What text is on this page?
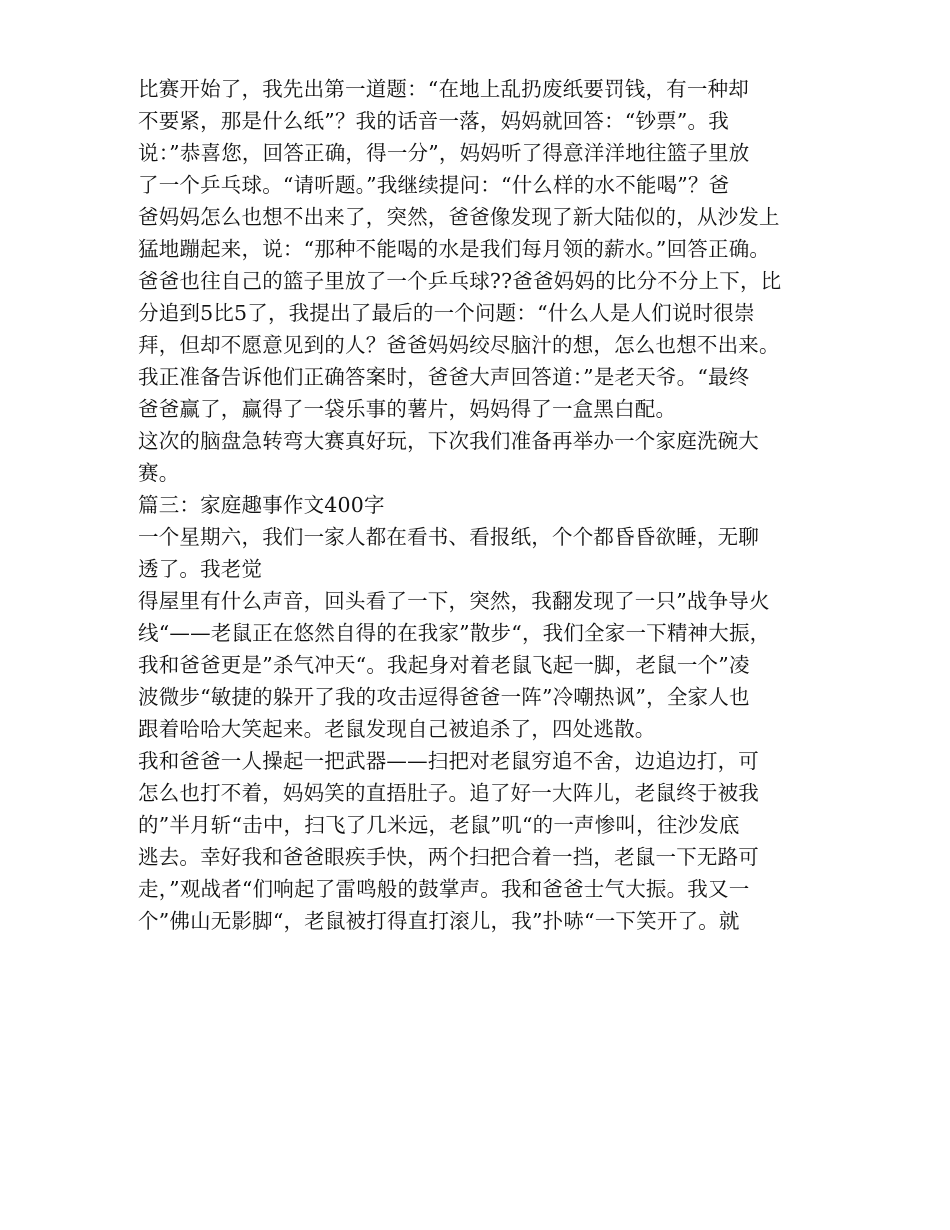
比赛开始了，我先出第一道题：“在地上乱扔废纸要罚钱，有一种却
不要紧，那是什么纸”？我的话音一落，妈妈就回答：“钞票”。我
说：”恭喜您，回答正确，得一分”，妈妈听了得意洋洋地往篮子里放
了一个乒乓球。“请听题。”我继续提问：“什么样的水不能喝”？爸
爸妈妈怎么也想不出来了，突然，爸爸像发现了新大陆似的，从沙发上
猛地蹦起来，说：“那种不能喝的水是我们每月领的薪水。”回答正确。
爸爸也往自己的篮子里放了一个乒乓球??爸爸妈妈的比分不分上下，比
分追到5比5了，我提出了最后的一个问题：“什么人是人们说时很崇
拜，但却不愿意见到的人？爸爸妈妈绞尽脑汁的想，怎么也想不出来。
我正准备告诉他们正确答案时，爸爸大声回答道：”是老天爷。“最终
爸爸赢了，赢得了一袋乐事的薯片，妈妈得了一盒黑白配。
这次的脑盘急转弯大赛真好玩，下次我们准备再举办一个家庭洗碗大
赛。
篇三：家庭趣事作文400字
一个星期六，我们一家人都在看书、看报纸，个个都昏昏欲睡，无聊
透了。我老觉
得屋里有什么声音，回头看了一下，突然，我翻发现了一只”战争导火
线“——老鼠正在悠然自得的在我家”散步“，我们全家一下精神大振，
我和爸爸更是”杀气冲天“。我起身对着老鼠飞起一脚，老鼠一个”凌
波微步“敏捷的躲开了我的攻击逗得爸爸一阵”冷嘲热讽”，全家人也
跟着哈哈大笑起来。老鼠发现自己被追杀了，四处逃散。
我和爸爸一人操起一把武器——扫把对老鼠穷追不舍，边追边打，可
怎么也打不着，妈妈笑的直捂肚子。追了好一大阵儿，老鼠终于被我
的”半月斩“击中，扫飞了几米远，老鼠”叽“的一声惨叫，往沙发底
逃去。幸好我和爸爸眼疾手快，两个扫把合着一挡，老鼠一下无路可
走，”观战者“们响起了雷鸣般的鼓掌声。我和爸爸士气大振。我又一
个”佛山无影脚“，老鼠被打得直打滚儿，我”扑哧“一下笑开了。就
